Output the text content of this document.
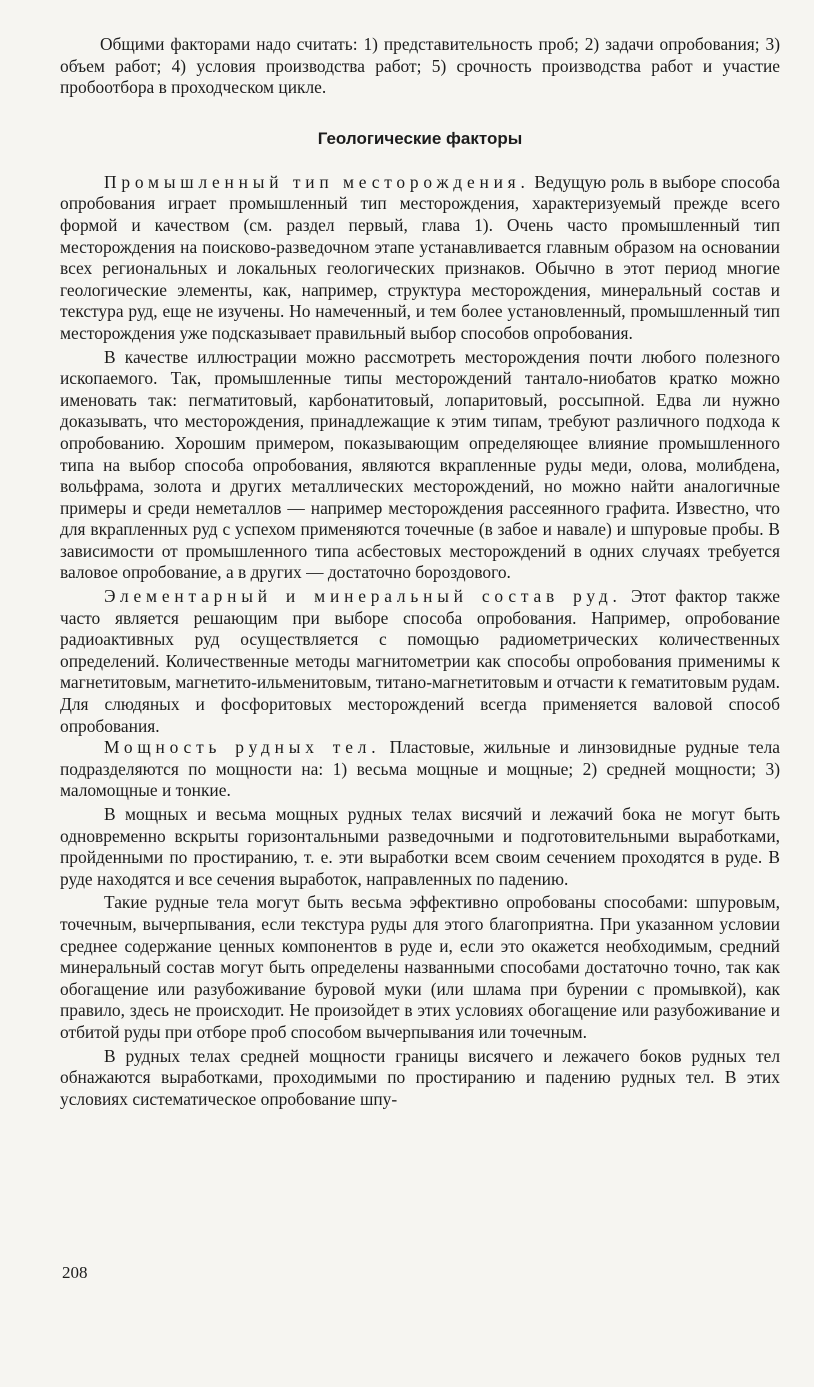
Общими факторами надо считать: 1) представительность проб; 2) задачи опробования; 3) объем работ; 4) условия производства работ; 5) срочность производства работ и участие пробоотбора в проходческом цикле.

Геологические факторы

Промышленный тип месторождения. Ведущую роль в выборе способа опробования играет промышленный тип месторождения, характеризуемый прежде всего формой и качеством (см. раздел первый, глава 1). Очень часто промышленный тип месторождения на поисково-разведочном этапе устанавливается главным образом на основании всех региональных и локальных геологических признаков. Обычно в этот период многие геологические элементы, как, например, структура месторождения, минеральный состав и текстура руд, еще не изучены. Но намеченный, и тем более установленный, промышленный тип месторождения уже подсказывает правильный выбор способов опробования.

В качестве иллюстрации можно рассмотреть месторождения почти любого полезного ископаемого. Так, промышленные типы месторождений тантало-ниобатов кратко можно именовать так: пегматитовый, карбонатитовый, лопаритовый, россыпной. Едва ли нужно доказывать, что месторождения, принадлежащие к этим типам, требуют различного подхода к опробованию. Хорошим примером, показывающим определяющее влияние промышленного типа на выбор способа опробования, являются вкрапленные руды меди, олова, молибдена, вольфрама, золота и других металлических месторождений, но можно найти аналогичные примеры и среди неметаллов — например месторождения рассеянного графита. Известно, что для вкрапленных руд с успехом применяются точечные (в забое и навале) и шпуровые пробы. В зависимости от промышленного типа асбестовых месторождений в одних случаях требуется валовое опробование, а в других — достаточно бороздового.

Элементарный и минеральный состав руд. Этот фактор также часто является решающим при выборе способа опробования. Например, опробование радиоактивных руд осуществляется с помощью радиометрических количественных определений. Количественные методы магнитометрии как способы опробования применимы к магнетитовым, магнетито-ильменитовым, титано-магнетитовым и отчасти к гематитовым рудам. Для слюдяных и фосфоритовых месторождений всегда применяется валовой способ опробования.

Мощность рудных тел. Пластовые, жильные и линзовидные рудные тела подразделяются по мощности на: 1) весьма мощные и мощные; 2) средней мощности; 3) маломощные и тонкие.

В мощных и весьма мощных рудных телах висячий и лежачий бока не могут быть одновременно вскрыты горизонтальными разведочными и подготовительными выработками, пройденными по простиранию, т. е. эти выработки всем своим сечением проходятся в руде. В руде находятся и все сечения выработок, направленных по падению.

Такие рудные тела могут быть весьма эффективно опробованы способами: шпуровым, точечным, вычерпывания, если текстура руды для этого благоприятна. При указанном условии среднее содержание ценных компонентов в руде и, если это окажется необходимым, средний минеральный состав могут быть определены названными способами достаточно точно, так как обогащение или разубоживание буровой муки (или шлама при бурении с промывкой), как правило, здесь не происходит. Не произойдет в этих условиях обогащение или разубоживание и отбитой руды при отборе проб способом вычерпывания или точечным.

В рудных телах средней мощности границы висячего и лежачего боков рудных тел обнажаются выработками, проходимыми по простиранию и падению рудных тел. В этих условиях систематическое опробование шпу-

208
